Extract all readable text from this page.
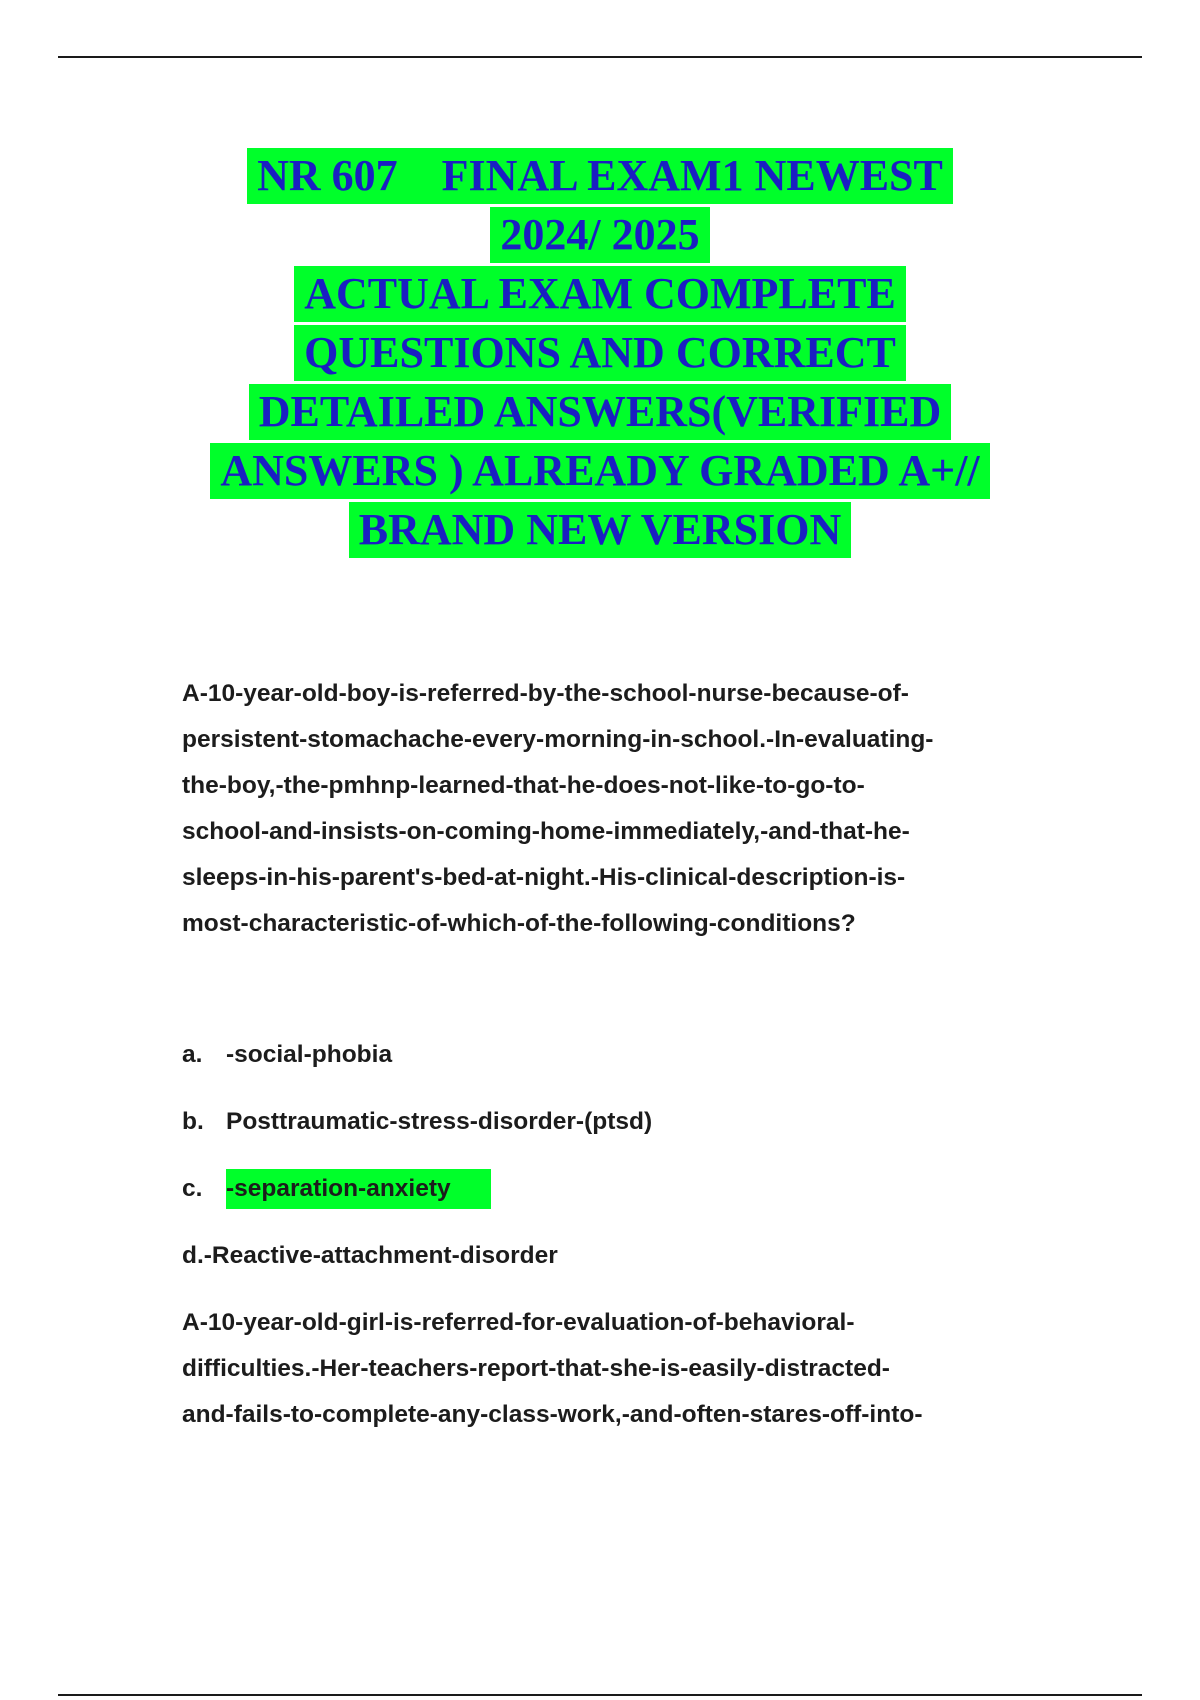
NR 607    FINAL EXAM1 NEWEST
2024/ 2025
ACTUAL EXAM COMPLETE
QUESTIONS AND CORRECT
DETAILED ANSWERS(VERIFIED
ANSWERS ) ALREADY GRADED A+//
BRAND NEW VERSION
A-10-year-old-boy-is-referred-by-the-school-nurse-because-of-
persistent-stomachache-every-morning-in-school.-In-evaluating-
the-boy,-the-pmhnp-learned-that-he-does-not-like-to-go-to-
school-and-insists-on-coming-home-immediately,-and-that-he-
sleeps-in-his-parent's-bed-at-night.-His-clinical-description-is-
most-characteristic-of-which-of-the-following-conditions?
a. -social-phobia
b. Posttraumatic-stress-disorder-(ptsd)
c. -separation-anxiety
d.-Reactive-attachment-disorder
A-10-year-old-girl-is-referred-for-evaluation-of-behavioral-
difficulties.-Her-teachers-report-that-she-is-easily-distracted-
and-fails-to-complete-any-class-work,-and-often-stares-off-into-
